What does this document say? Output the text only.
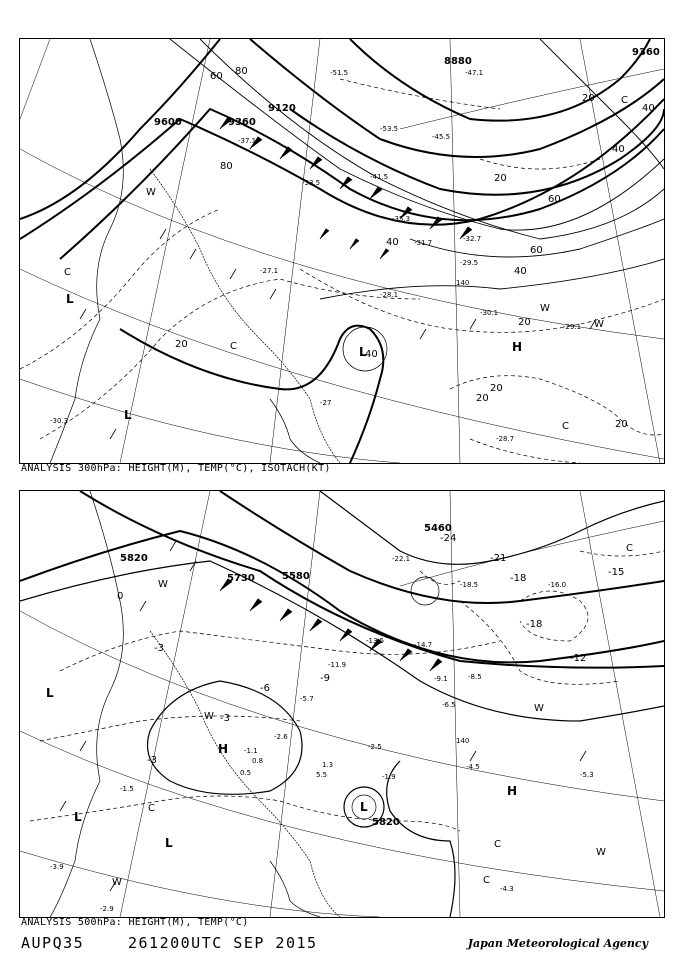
9600
9360
9120
8880
9360
60 80
80
40
20
60
40
20
20
40
60
40
20
20
40
20
20
L
L
L	H
C
W
C
C
W
W
C
-51.5
-53.5
-47.1
-45.5
-41.5
-37.1
-33.5
-35.3
-31.7	-32.7
-29.5
-28.1
-27.1
-30.1
-29.1
-28.7
-30.3
-27
140
ANALYSIS 300hPa: HEIGHT(M), TEMP(°C), ISOTACH(KT)
5820
5730	5580
5460
5820
-24
-21
-18
-15
-18
-12
-9
-6
-3
0
-3
-3
L
L
L
H
H
L
W
C
W
W
C
C
W
W	C
-22.1
-18.5	-16.0
-14.7
-13.5
-11.9
-9.1	-8.5
-6.5
-5.7
-4.5
-5.3
-4.3
-2.5
-1.9
1.3
0.8
5.5
-2.9
-1.5
-3.9
-2.6
0.5
-1.1
140
ANALYSIS 500hPa: HEIGHT(M), TEMP(°C)
AUPQ35	261200UTC SEP 2015	Japan Meteorological Agency
